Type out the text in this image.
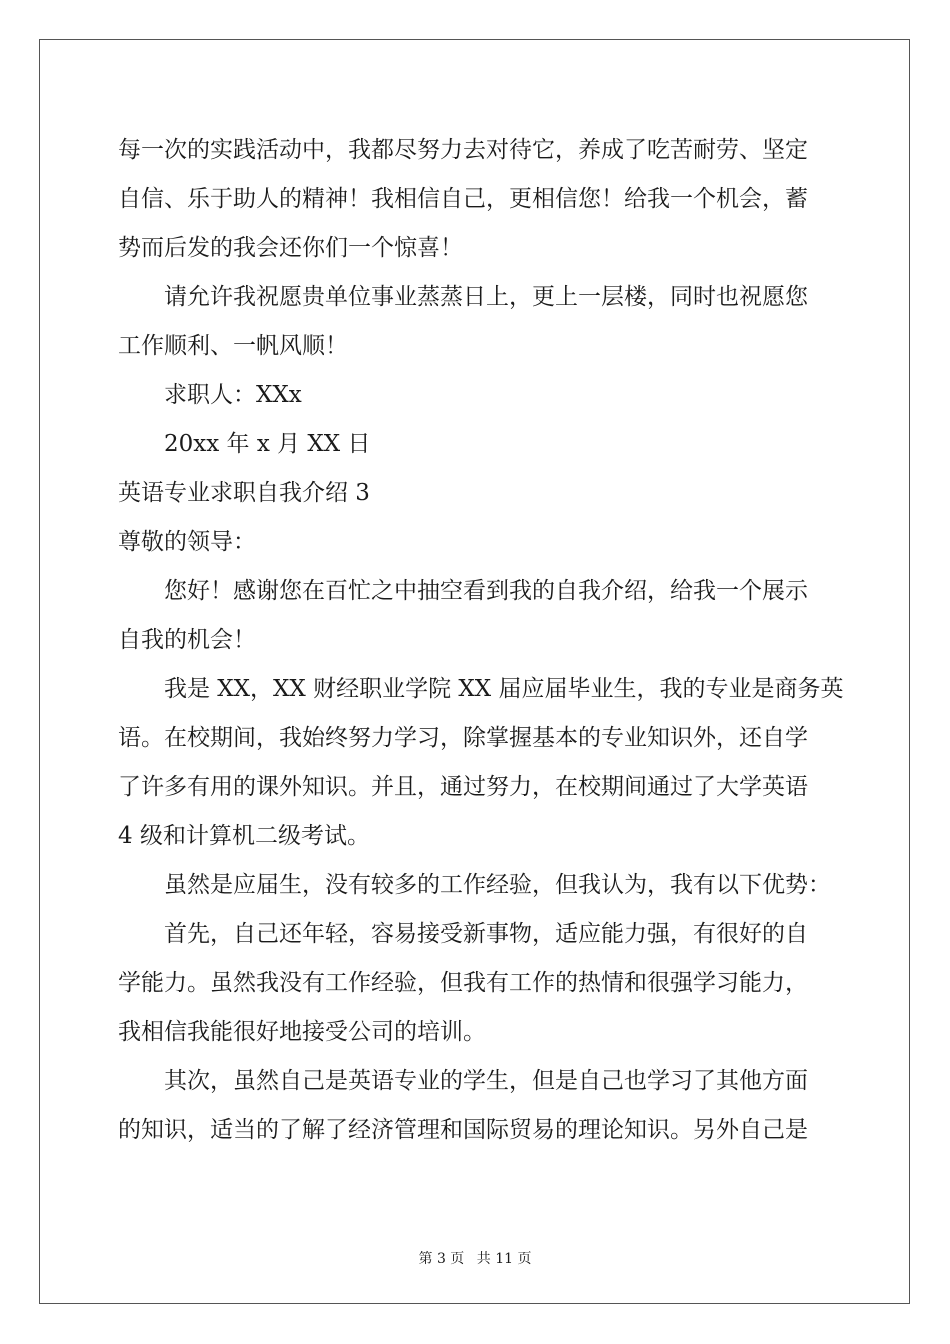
每一次的实践活动中，我都尽努力去对待它，养成了吃苦耐劳、坚定
自信、乐于助人的精神！我相信自己，更相信您！给我一个机会，蓄
势而后发的我会还你们一个惊喜！
请允许我祝愿贵单位事业蒸蒸日上，更上一层楼，同时也祝愿您
工作顺利、一帆风顺！
求职人：XXx
20xx 年 x 月 XX 日
英语专业求职自我介绍 3
尊敬的领导：
您好！感谢您在百忙之中抽空看到我的自我介绍，给我一个展示
自我的机会！
我是 XX，XX 财经职业学院 XX 届应届毕业生，我的专业是商务英
语。在校期间，我始终努力学习，除掌握基本的专业知识外，还自学
了许多有用的课外知识。并且，通过努力，在校期间通过了大学英语
4 级和计算机二级考试。
虽然是应届生，没有较多的工作经验，但我认为，我有以下优势：
首先，自己还年轻，容易接受新事物，适应能力强，有很好的自
学能力。虽然我没有工作经验，但我有工作的热情和很强学习能力，
我相信我能很好地接受公司的培训。
其次，虽然自己是英语专业的学生，但是自己也学习了其他方面
的知识，适当的了解了经济管理和国际贸易的理论知识。另外自己是
第 3 页 共 11 页
